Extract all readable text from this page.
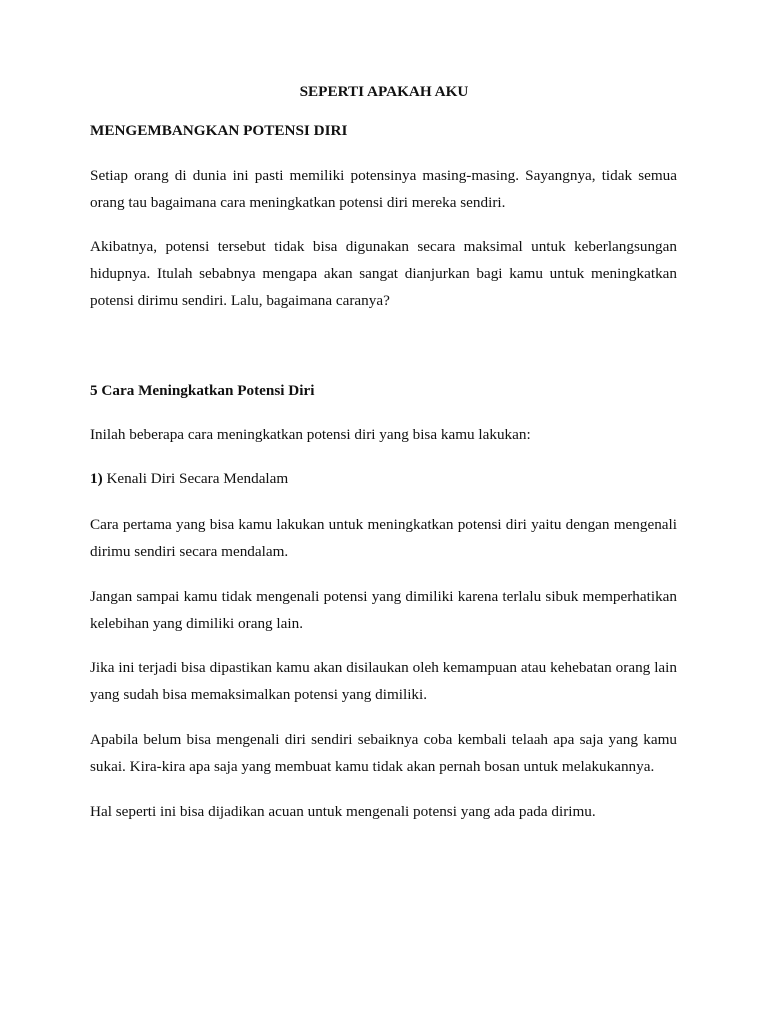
SEPERTI APAKAH AKU

MENGEMBANGKAN POTENSI DIRI

Setiap orang di dunia ini pasti memiliki potensinya masing-masing. Sayangnya, tidak semua orang tau bagaimana cara meningkatkan potensi diri mereka sendiri.

Akibatnya, potensi tersebut tidak bisa digunakan secara maksimal untuk keberlangsungan hidupnya. Itulah sebabnya mengapa akan sangat dianjurkan bagi kamu untuk meningkatkan potensi dirimu sendiri. Lalu, bagaimana caranya?

5 Cara Meningkatkan Potensi Diri

Inilah beberapa cara meningkatkan potensi diri yang bisa kamu lakukan:

1) Kenali Diri Secara Mendalam

Cara pertama yang bisa kamu lakukan untuk meningkatkan potensi diri yaitu dengan mengenali dirimu sendiri secara mendalam.

Jangan sampai kamu tidak mengenali potensi yang dimiliki karena terlalu sibuk memperhatikan kelebihan yang dimiliki orang lain.

Jika ini terjadi bisa dipastikan kamu akan disilaukan oleh kemampuan atau kehebatan orang lain yang sudah bisa memaksimalkan potensi yang dimiliki.

Apabila belum bisa mengenali diri sendiri sebaiknya coba kembali telaah apa saja yang kamu sukai. Kira-kira apa saja yang membuat kamu tidak akan pernah bosan untuk melakukannya.

Hal seperti ini bisa dijadikan acuan untuk mengenali potensi yang ada pada dirimu.
